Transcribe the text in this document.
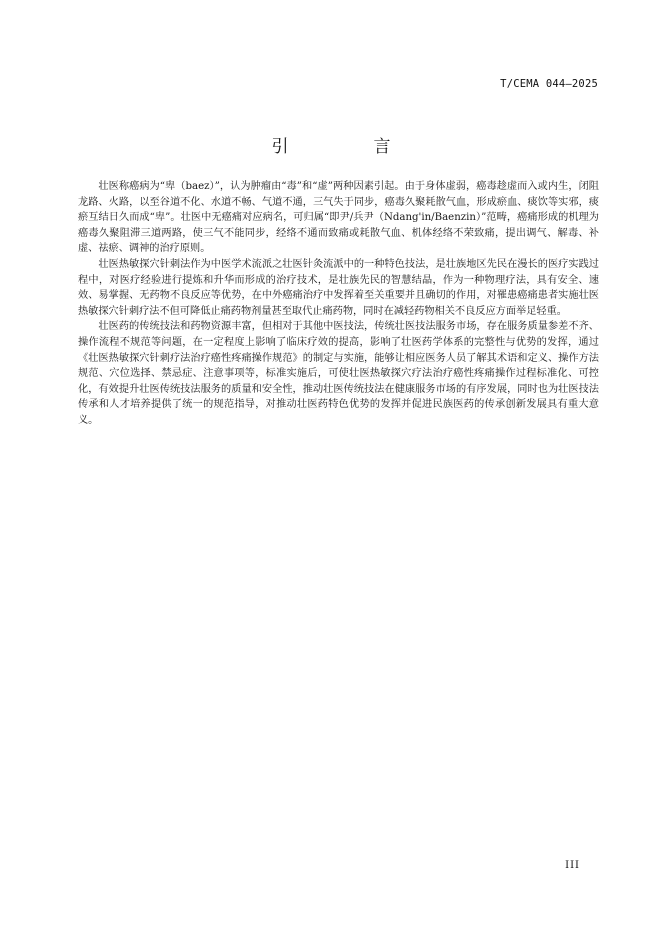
T/CEMA 044—2025
引　言

壮医称癌病为“卑（baez）”，认为肿瘤由“毒”和“虚”两种因素引起。由于身体虚弱，癌毒趁虚而入或内生，闭阻龙路、火路，以至谷道不化、水道不畅、气道不通，三气失于同步，癌毒久聚耗散气血，形成瘀血、痰饮等实邪，痰瘀互结日久而成“卑”。壮医中无癌痛对应病名，可归属“即尹/兵尹（Ndang'in/Baenzin）”范畴，癌痛形成的机理为癌毒久聚阻滞三道两路，使三气不能同步，经络不通而致痛或耗散气血、机体经络不荣致痛，提出调气、解毒、补虚、祛瘀、调神的治疗原则。

壮医热敏探穴针刺法作为中医学术流派之壮医针灸流派中的一种特色技法，是壮族地区先民在漫长的医疗实践过程中，对医疗经验进行提炼和升华而形成的治疗技术，是壮族先民的智慧结晶，作为一种物理疗法，具有安全、速效、易掌握、无药物不良反应等优势，在中外癌痛治疗中发挥着至关重要并且确切的作用，对罹患癌痛患者实施壮医热敏探穴针刺疗法不但可降低止痛药物剂量甚至取代止痛药物，同时在减轻药物相关不良反应方面举足轻重。

壮医药的传统技法和药物资源丰富，但相对于其他中医技法，传统壮医技法服务市场，存在服务质量参差不齐、操作流程不规范等问题，在一定程度上影响了临床疗效的提高，影响了壮医药学体系的完整性与优势的发挥，通过《壮医热敏探穴针刺疗法治疗癌性疼痛操作规范》的制定与实施，能够让相应医务人员了解其术语和定义、操作方法规范、穴位选择、禁忌症、注意事项等，标准实施后，可使壮医热敏探穴疗法治疗癌性疼痛操作过程标准化、可控化，有效提升壮医传统技法服务的质量和安全性，推动壮医传统技法在健康服务市场的有序发展，同时也为壮医技法传承和人才培养提供了统一的规范指导，对推动壮医药特色优势的发挥并促进民族医药的传承创新发展具有重大意义。

III
